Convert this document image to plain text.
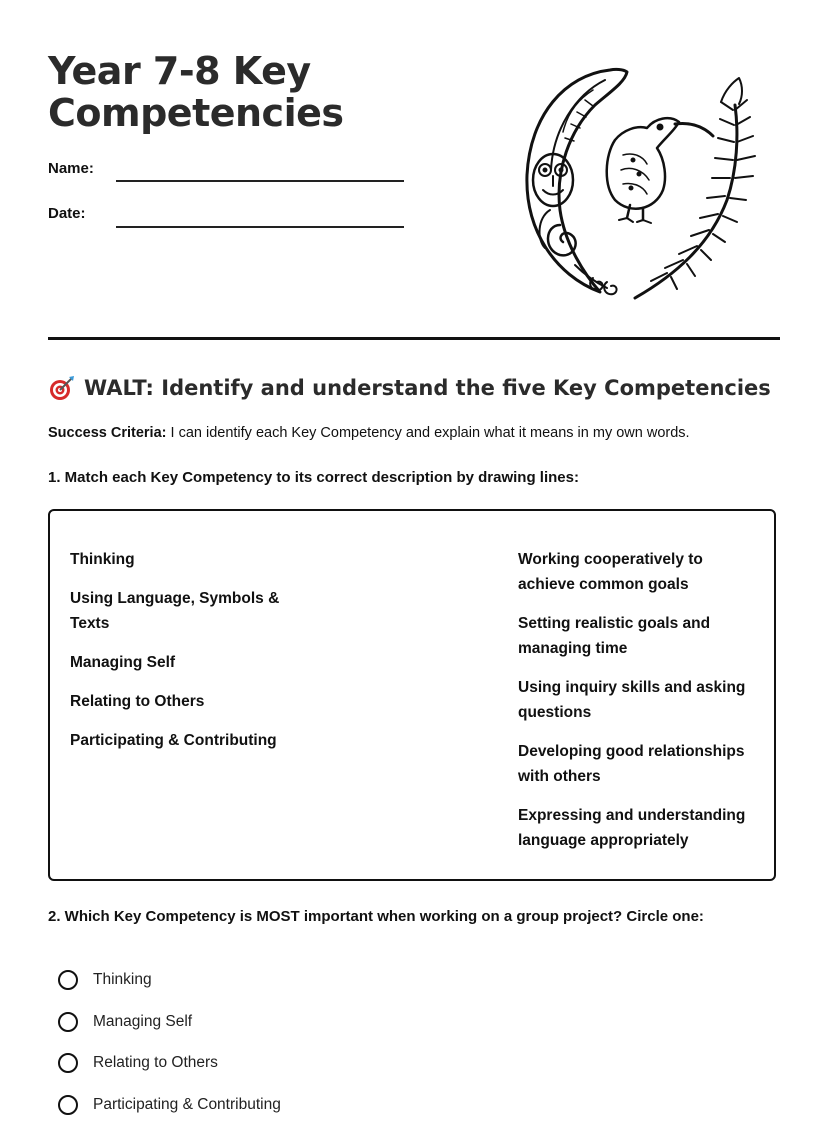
Year 7-8 Key
Competencies
Name:
Date:
WALT: Identify and understand the five Key Competencies
Success Criteria: I can identify each Key Competency and explain what it means in my own words.
1. Match each Key Competency to its correct description by drawing lines:
Thinking
Using Language, Symbols & Texts
Managing Self
Relating to Others
Participating & Contributing
Working cooperatively to achieve common goals
Setting realistic goals and managing time
Using inquiry skills and asking questions
Developing good relationships with others
Expressing and understanding language appropriately
2. Which Key Competency is MOST important when working on a group project? Circle one:
Thinking
Managing Self
Relating to Others
Participating & Contributing
